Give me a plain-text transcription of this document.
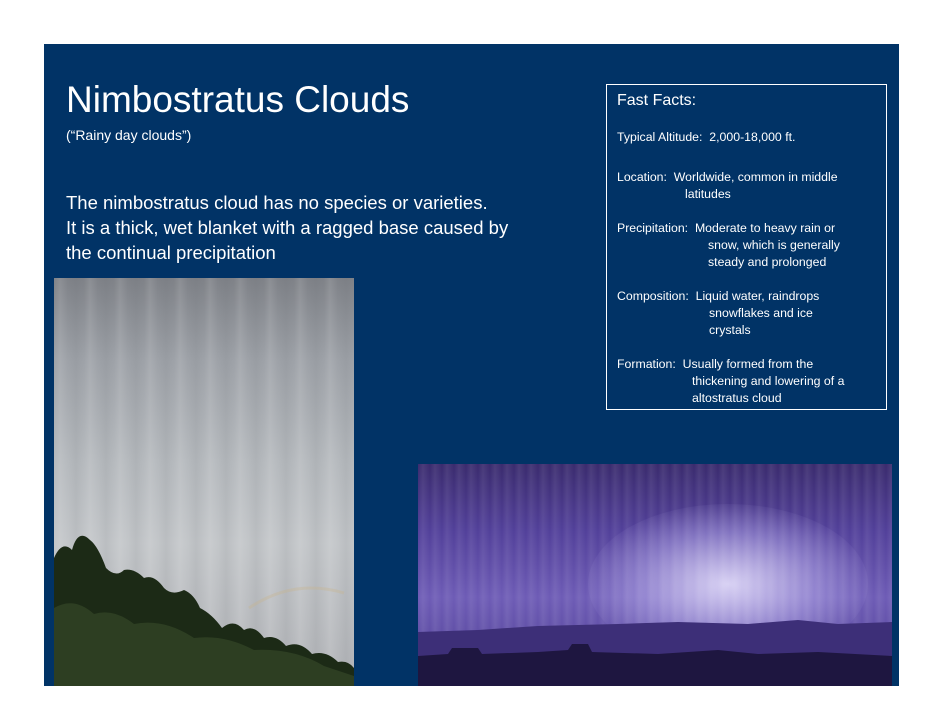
Nimbostratus Clouds
(“Rainy day clouds”)
The nimbostratus cloud has no species or varieties.
It is a thick, wet blanket with a ragged base caused by
the continual precipitation
Fast Facts:
Typical Altitude: 2,000-18,000 ft.
Location: Worldwide, common in middle
latitudes
Precipitation: Moderate to heavy rain or
snow, which is generally
steady and prolonged
Composition: Liquid water, raindrops
snowflakes and ice
crystals
Formation: Usually formed from the
thickening and lowering of a
altostratus cloud
